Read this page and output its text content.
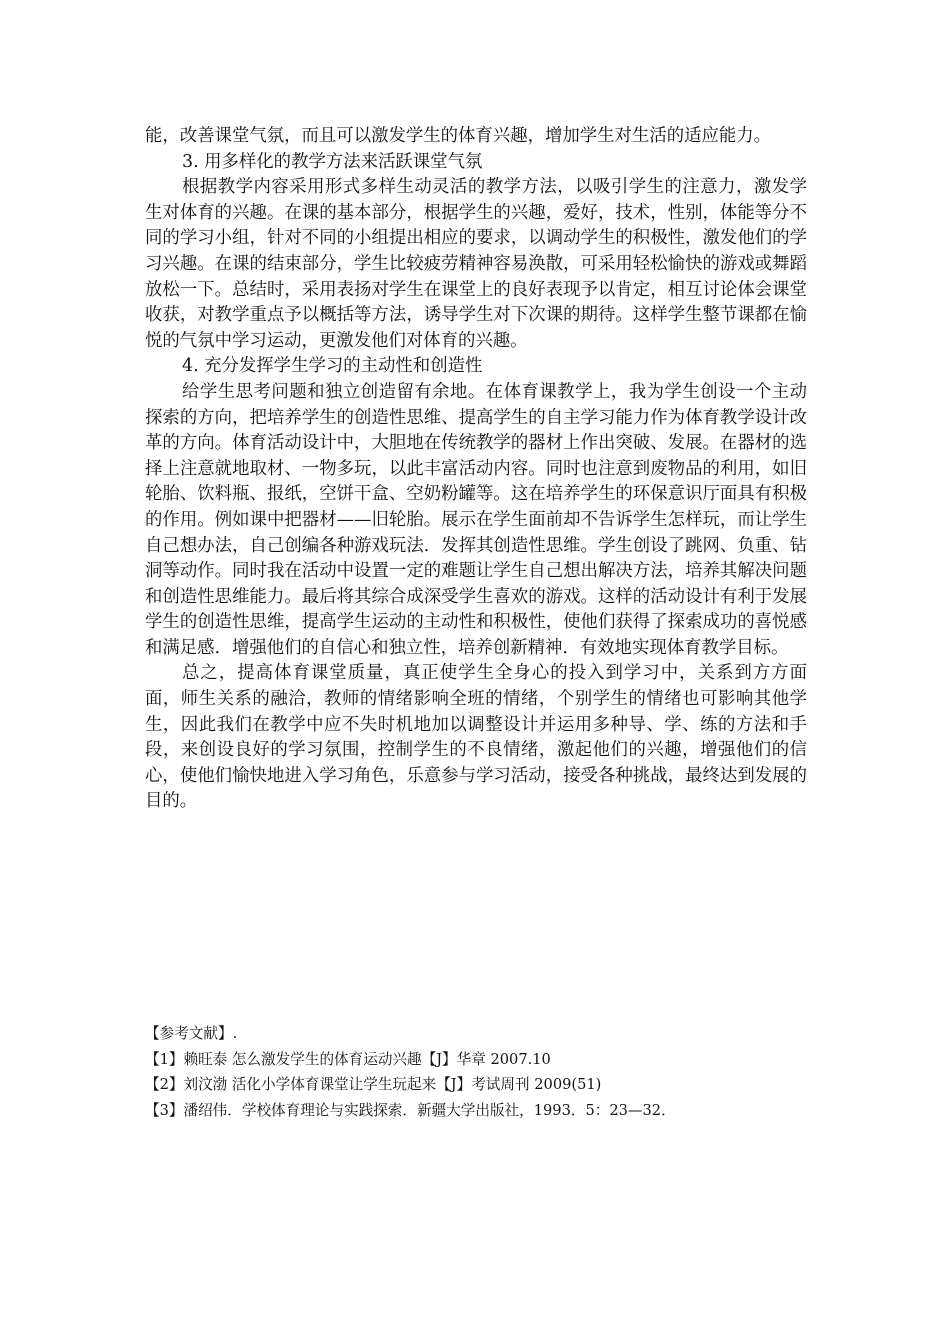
能，改善课堂气氛，而且可以激发学生的体育兴趣，增加学生对生活的适应能力。

3. 用多样化的教学方法来活跃课堂气氛

根据教学内容采用形式多样生动灵活的教学方法，以吸引学生的注意力，激发学生对体育的兴趣。在课的基本部分，根据学生的兴趣，爱好，技术，性别，体能等分不同的学习小组，针对不同的小组提出相应的要求，以调动学生的积极性，激发他们的学习兴趣。在课的结束部分，学生比较疲劳精神容易涣散，可采用轻松愉快的游戏或舞蹈放松一下。总结时，采用表扬对学生在课堂上的良好表现予以肯定，相互讨论体会课堂收获，对教学重点予以概括等方法，诱导学生对下次课的期待。这样学生整节课都在愉悦的气氛中学习运动，更激发他们对体育的兴趣。

4. 充分发挥学生学习的主动性和创造性

给学生思考问题和独立创造留有余地。在体育课教学上，我为学生创设一个主动探索的方向，把培养学生的创造性思维、提高学生的自主学习能力作为体育教学设计改革的方向。体育活动设计中，大胆地在传统教学的器材上作出突破、发展。在器材的选择上注意就地取材、一物多玩，以此丰富活动内容。同时也注意到废物品的利用，如旧轮胎、饮料瓶、报纸，空饼干盒、空奶粉罐等。这在培养学生的环保意识厅面具有积极的作用。例如课中把器材——旧轮胎。展示在学生面前却不告诉学生怎样玩，而让学生自己想办法，自己创编各种游戏玩法．发挥其创造性思维。学生创设了跳网、负重、钻洞等动作。同时我在活动中设置一定的难题让学生自己想出解决方法，培养其解决问题和创造性思维能力。最后将其综合成深受学生喜欢的游戏。这样的活动设计有利于发展学生的创造性思维，提高学生运动的主动性和积极性，使他们获得了探索成功的喜悦感和满足感．增强他们的自信心和独立性，培养创新精神．有效地实现体育教学目标。

总之，提高体育课堂质量，真正使学生全身心的投入到学习中，关系到方方面面，师生关系的融洽，教师的情绪影响全班的情绪，个别学生的情绪也可影响其他学生，因此我们在教学中应不失时机地加以调整设计并运用多种导、学、练的方法和手段，来创设良好的学习氛围，控制学生的不良情绪，激起他们的兴趣，增强他们的信心，使他们愉快地进入学习角色，乐意参与学习活动，接受各种挑战，最终达到发展的目的。

【参考文献】.

【1】赖旺泰 怎么激发学生的体育运动兴趣【J】华章 2007.10

【2】刘汶渤 活化小学体育课堂让学生玩起来【J】考试周刊 2009(51)

【3】潘绍伟．学校体育理论与实践探索．新疆大学出版社，1993．5：23—32．
